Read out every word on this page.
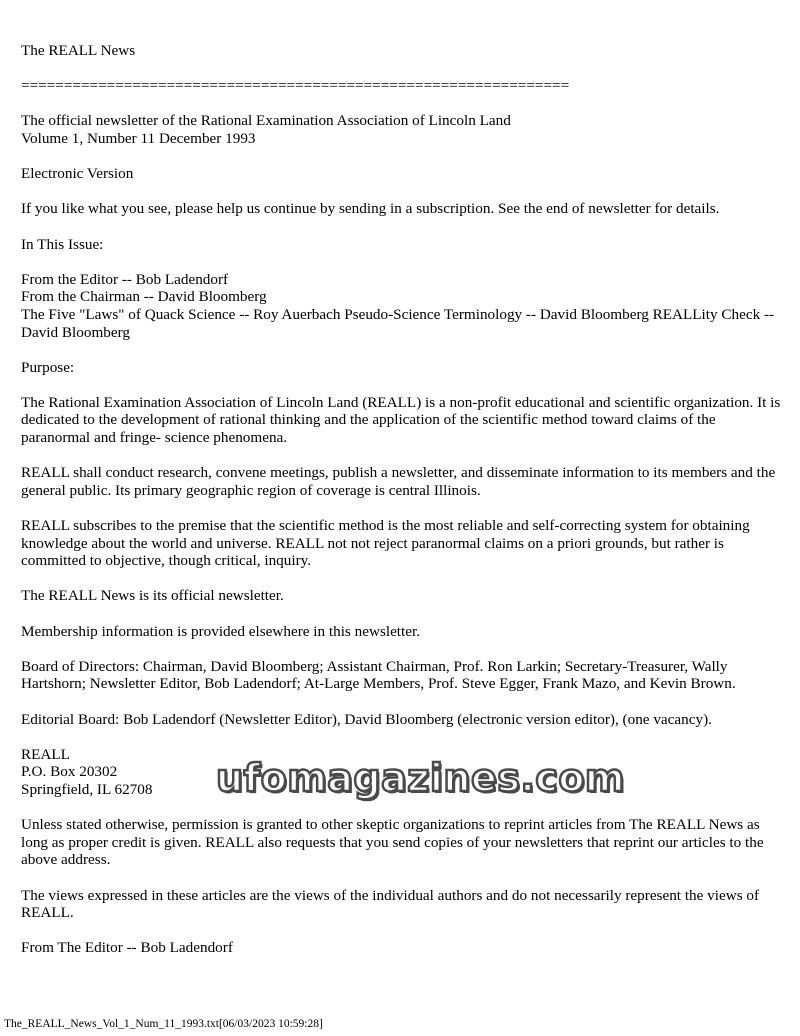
The REALL News

================================================================

The official newsletter of the Rational Examination Association of Lincoln Land
Volume 1, Number 11 December 1993

Electronic Version

If you like what you see, please help us continue by sending in a subscription. See the end of newsletter for details.

In This Issue:

From the Editor -- Bob Ladendorf
From the Chairman -- David Bloomberg
The Five "Laws" of Quack Science -- Roy Auerbach Pseudo-Science Terminology -- David Bloomberg REALLity Check -- David Bloomberg

Purpose:

The Rational Examination Association of Lincoln Land (REALL) is a non-profit educational and scientific organization. It is dedicated to the development of rational thinking and the application of the scientific method toward claims of the paranormal and fringe- science phenomena.

REALL shall conduct research, convene meetings, publish a newsletter, and disseminate information to its members and the general public. Its primary geographic region of coverage is central Illinois.

REALL subscribes to the premise that the scientific method is the most reliable and self-correcting system for obtaining knowledge about the world and universe. REALL not not reject paranormal claims on a priori grounds, but rather is committed to objective, though critical, inquiry.

The REALL News is its official newsletter.

Membership information is provided elsewhere in this newsletter.

Board of Directors: Chairman, David Bloomberg; Assistant Chairman, Prof. Ron Larkin; Secretary-Treasurer, Wally Hartshorn; Newsletter Editor, Bob Ladendorf; At-Large Members, Prof. Steve Egger, Frank Mazo, and Kevin Brown.

Editorial Board: Bob Ladendorf (Newsletter Editor), David Bloomberg (electronic version editor), (one vacancy).

REALL
P.O. Box 20302
Springfield, IL 62708

Unless stated otherwise, permission is granted to other skeptic organizations to reprint articles from The REALL News as long as proper credit is given. REALL also requests that you send copies of your newsletters that reprint our articles to the above address.

The views expressed in these articles are the views of the individual authors and do not necessarily represent the views of REALL.

From The Editor -- Bob Ladendorf

ufomagazines.com
The_REALL_News_Vol_1_Num_11_1993.txt[06/03/2023 10:59:28]
